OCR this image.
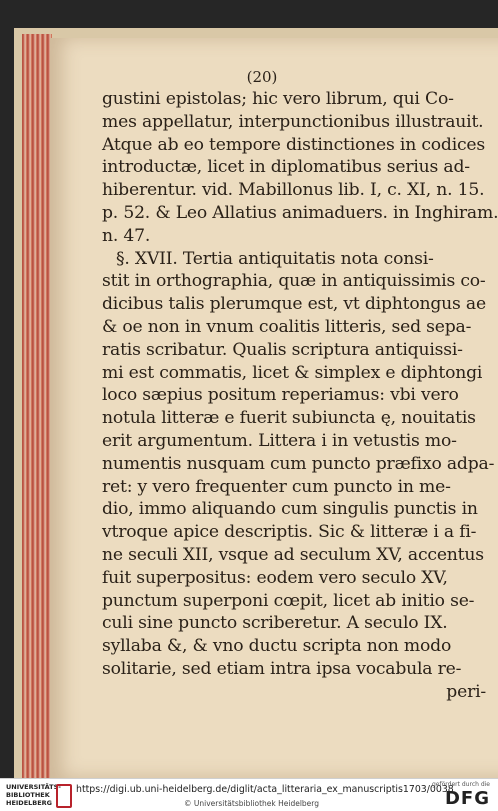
(20)
gustini epistolas; hic vero librum, qui Co-
mes appellatur, interpunctionibus illustrauit.
Atque ab eo tempore distinctiones in codices
introductæ, licet in diplomatibus serius ad-
hiberentur. vid. Mabillonus lib. I, c. XI, n. 15.
p. 52. & Leo Allatius animaduers. in Inghiram.
n. 47.
§. XVII. Tertia antiquitatis nota consi-
stit in orthographia, quæ in antiquissimis co-
dicibus talis plerumque est, vt diphtongus ae
& oe non in vnum coalitis litteris, sed sepa-
ratis scribatur. Qualis scriptura antiquissi-
mi est commatis, licet & simplex e diphtongi
loco sæpius positum reperiamus: vbi vero
notula litteræ e fuerit subiuncta ę, nouitatis
erit argumentum. Littera i in vetustis mo-
numentis nusquam cum puncto præfixo adpa-
ret: y vero frequenter cum puncto in me-
dio, immo aliquando cum singulis punctis in
vtroque apice descriptis. Sic & litteræ i a fi-
ne seculi XII, vsque ad seculum XV, accentus
fuit superpositus: eodem vero seculo XV,
punctum superponi cœpit, licet ab initio se-
culi sine puncto scriberetur. A seculo IX.
syllaba &, & vno ductu scripta non modo
solitarie, sed etiam intra ipsa vocabula re-
peri-
UNIVERSITÄTS-BIBLIOTHEK HEIDELBERG
https://digi.ub.uni-heidelberg.de/diglit/acta_litteraria_ex_manuscriptis1703/0038
© Universitätsbibliothek Heidelberg
gefördert durch die
DFG
